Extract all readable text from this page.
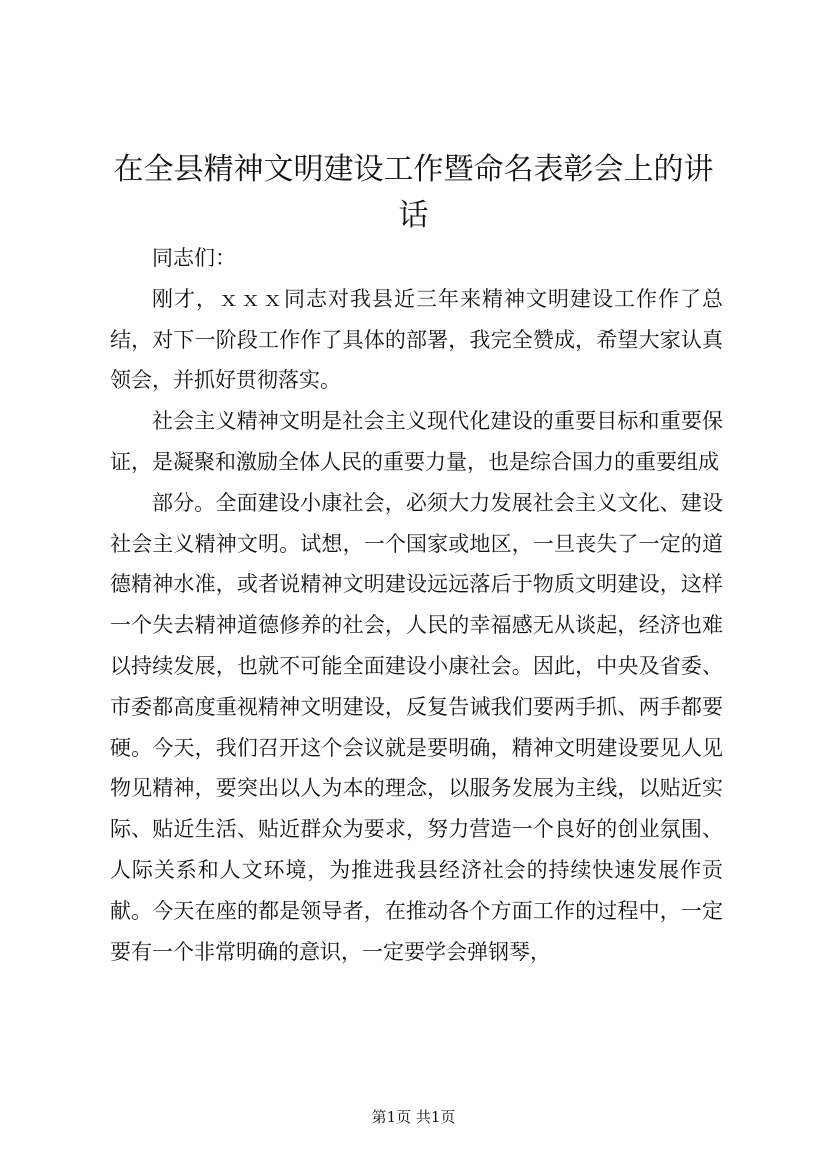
在全县精神文明建设工作暨命名表彰会上的讲话

同志们：

刚才，ｘｘｘ同志对我县近三年来精神文明建设工作作了总结，对下一阶段工作作了具体的部署，我完全赞成，希望大家认真领会，并抓好贯彻落实。

社会主义精神文明是社会主义现代化建设的重要目标和重要保证，是凝聚和激励全体人民的重要力量，也是综合国力的重要组成

部分。全面建设小康社会，必须大力发展社会主义文化、建设社会主义精神文明。试想，一个国家或地区，一旦丧失了一定的道德精神水准，或者说精神文明建设远远落后于物质文明建设，这样一个失去精神道德修养的社会，人民的幸福感无从谈起，经济也难以持续发展，也就不可能全面建设小康社会。因此，中央及省委、市委都高度重视精神文明建设，反复告诫我们要两手抓、两手都要硬。今天，我们召开这个会议就是要明确，精神文明建设要见人见物见精神，要突出以人为本的理念，以服务发展为主线，以贴近实际、贴近生活、贴近群众为要求，努力营造一个良好的创业氛围、人际关系和人文环境，为推进我县经济社会的持续快速发展作贡献。今天在座的都是领导者，在推动各个方面工作的过程中，一定要有一个非常明确的意识，一定要学会弹钢琴，

第1页 共1页
